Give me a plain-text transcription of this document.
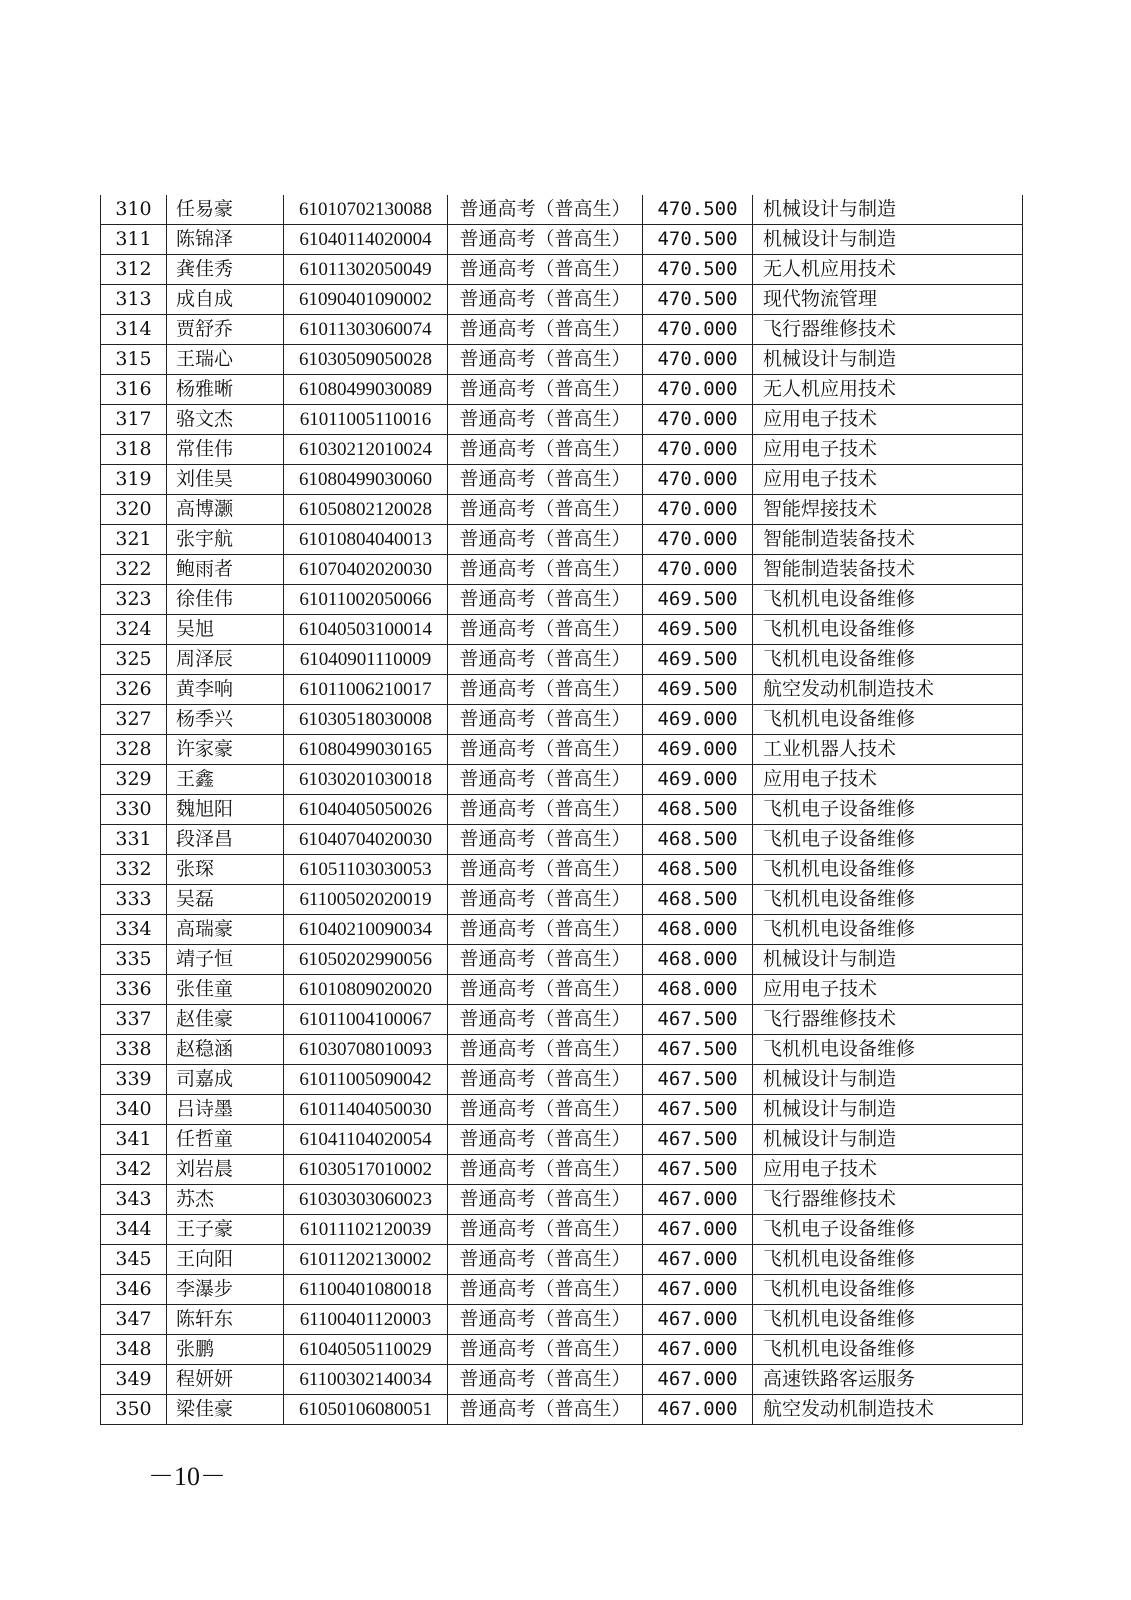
310	任易豪	61010702130088	普通高考（普高生）	470.500	机械设计与制造
311	陈锦泽	61040114020004	普通高考（普高生）	470.500	机械设计与制造
312	龚佳秀	61011302050049	普通高考（普高生）	470.500	无人机应用技术
313	成自成	61090401090002	普通高考（普高生）	470.500	现代物流管理
314	贾舒乔	61011303060074	普通高考（普高生）	470.000	飞行器维修技术
315	王瑞心	61030509050028	普通高考（普高生）	470.000	机械设计与制造
316	杨雅晰	61080499030089	普通高考（普高生）	470.000	无人机应用技术
317	骆文杰	61011005110016	普通高考（普高生）	470.000	应用电子技术
318	常佳伟	61030212010024	普通高考（普高生）	470.000	应用电子技术
319	刘佳昊	61080499030060	普通高考（普高生）	470.000	应用电子技术
320	高博灏	61050802120028	普通高考（普高生）	470.000	智能焊接技术
321	张宇航	61010804040013	普通高考（普高生）	470.000	智能制造装备技术
322	鲍雨者	61070402020030	普通高考（普高生）	470.000	智能制造装备技术
323	徐佳伟	61011002050066	普通高考（普高生）	469.500	飞机机电设备维修
324	吴旭	61040503100014	普通高考（普高生）	469.500	飞机机电设备维修
325	周泽辰	61040901110009	普通高考（普高生）	469.500	飞机机电设备维修
326	黄李响	61011006210017	普通高考（普高生）	469.500	航空发动机制造技术
327	杨季兴	61030518030008	普通高考（普高生）	469.000	飞机机电设备维修
328	许家豪	61080499030165	普通高考（普高生）	469.000	工业机器人技术
329	王鑫	61030201030018	普通高考（普高生）	469.000	应用电子技术
330	魏旭阳	61040405050026	普通高考（普高生）	468.500	飞机电子设备维修
331	段泽昌	61040704020030	普通高考（普高生）	468.500	飞机电子设备维修
332	张琛	61051103030053	普通高考（普高生）	468.500	飞机机电设备维修
333	吴磊	61100502020019	普通高考（普高生）	468.500	飞机机电设备维修
334	高瑞豪	61040210090034	普通高考（普高生）	468.000	飞机机电设备维修
335	靖子恒	61050202990056	普通高考（普高生）	468.000	机械设计与制造
336	张佳童	61010809020020	普通高考（普高生）	468.000	应用电子技术
337	赵佳豪	61011004100067	普通高考（普高生）	467.500	飞行器维修技术
338	赵稳涵	61030708010093	普通高考（普高生）	467.500	飞机机电设备维修
339	司嘉成	61011005090042	普通高考（普高生）	467.500	机械设计与制造
340	吕诗墨	61011404050030	普通高考（普高生）	467.500	机械设计与制造
341	任哲童	61041104020054	普通高考（普高生）	467.500	机械设计与制造
342	刘岩晨	61030517010002	普通高考（普高生）	467.500	应用电子技术
343	苏杰	61030303060023	普通高考（普高生）	467.000	飞行器维修技术
344	王子豪	61011102120039	普通高考（普高生）	467.000	飞机电子设备维修
345	王向阳	61011202130002	普通高考（普高生）	467.000	飞机机电设备维修
346	李瀑步	61100401080018	普通高考（普高生）	467.000	飞机机电设备维修
347	陈轩东	61100401120003	普通高考（普高生）	467.000	飞机机电设备维修
348	张鹏	61040505110029	普通高考（普高生）	467.000	飞机机电设备维修
349	程妍妍	61100302140034	普通高考（普高生）	467.000	高速铁路客运服务
350	梁佳豪	61050106080051	普通高考（普高生）	467.000	航空发动机制造技术
－10－
